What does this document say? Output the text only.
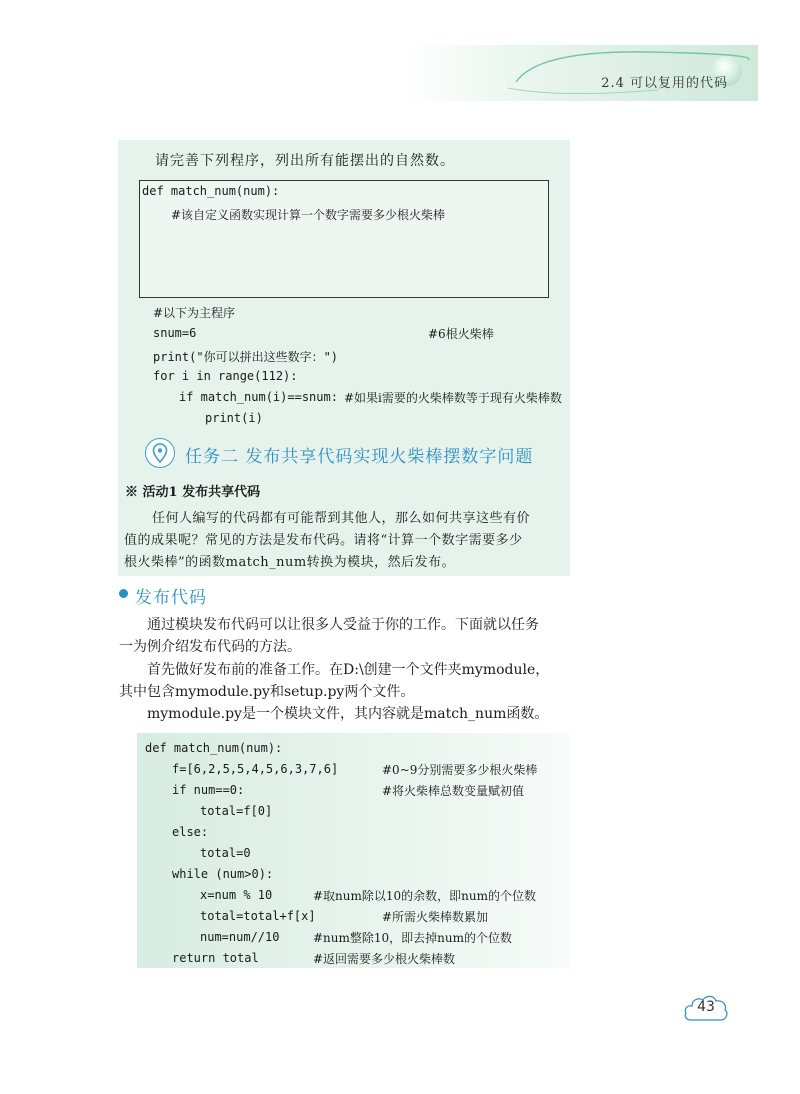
2.4 可以复用的代码
请完善下列程序，列出所有能摆出的自然数。
def match_num(num):
#该自定义函数实现计算一个数字需要多少根火柴棒
#以下为主程序
snum=6	#6根火柴棒
print("你可以拼出这些数字：")
for i in range(112):
if match_num(i)==snum: #如果i需要的火柴棒数等于现有火柴棒数
print(i)
任务二 发布共享代码实现火柴棒摆数字问题
※ 活动1 发布共享代码
任何人编写的代码都有可能帮到其他人，那么如何共享这些有价
值的成果呢？常见的方法是发布代码。请将“计算一个数字需要多少
根火柴棒”的函数match_num转换为模块，然后发布。
发布代码
通过模块发布代码可以让很多人受益于你的工作。下面就以任务
一为例介绍发布代码的方法。
首先做好发布前的准备工作。在D:\创建一个文件夹mymodule，
其中包含mymodule.py和setup.py两个文件。
mymodule.py是一个模块文件，其内容就是match_num函数。
def match_num(num):
f=[6,2,5,5,4,5,6,3,7,6]	#0~9分别需要多少根火柴棒
if num==0:	#将火柴棒总数变量赋初值
total=f[0]
else:
total=0
while (num>0):
x=num % 10	#取num除以10的余数，即num的个位数
total=total+f[x]	#所需火柴棒数累加
num=num//10	#num整除10，即去掉num的个位数
return total	#返回需要多少根火柴棒数
43
